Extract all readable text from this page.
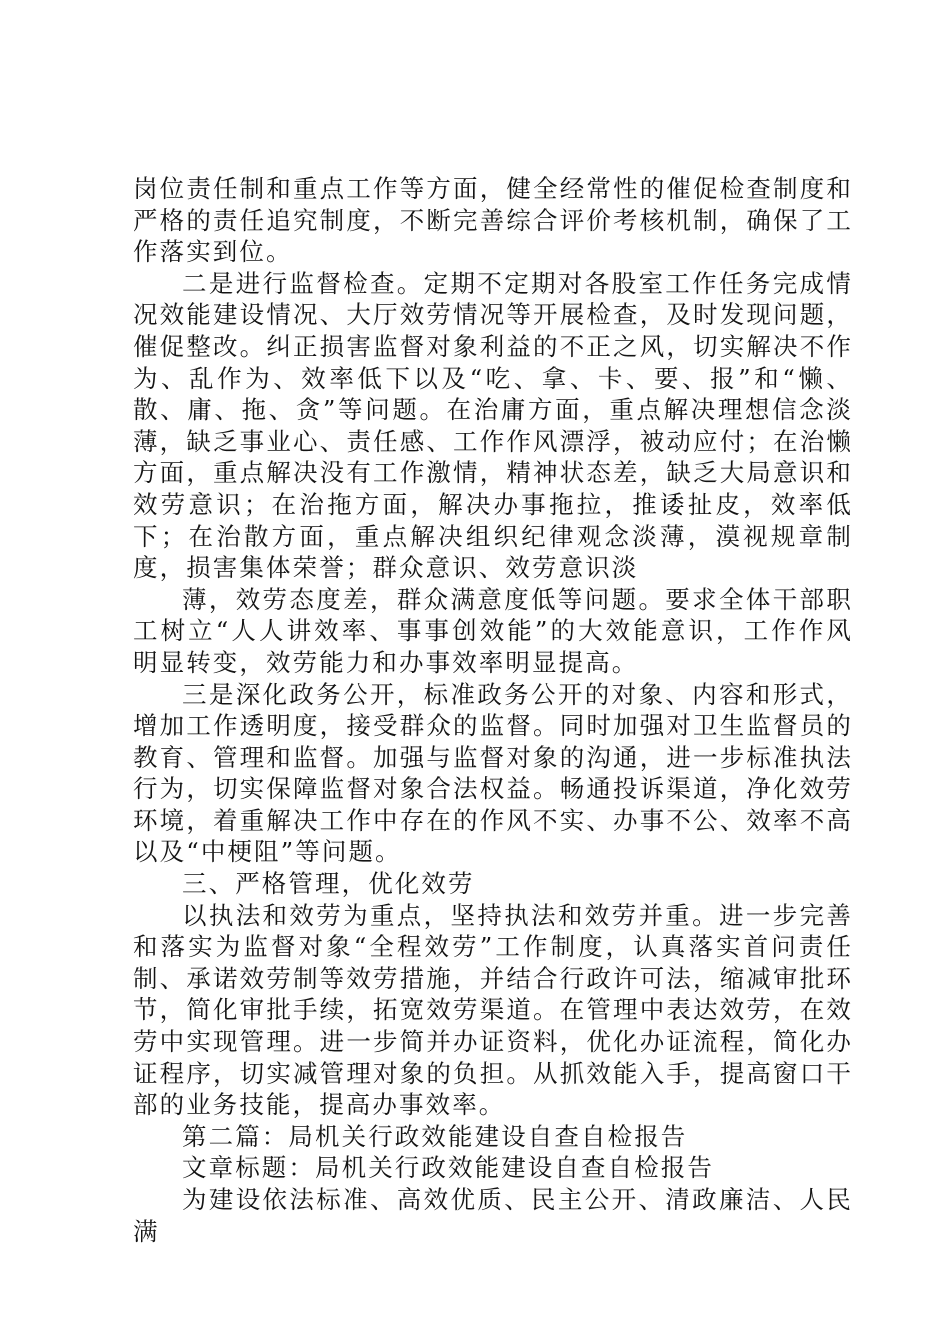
岗位责任制和重点工作等方面，健全经常性的催促检查制度和严格的责任追究制度，不断完善综合评价考核机制，确保了工作落实到位。

二是进行监督检查。定期不定期对各股室工作任务完成情况效能建设情况、大厅效劳情况等开展检查，及时发现问题，催促整改。纠正损害监督对象利益的不正之风，切实解决不作为、乱作为、效率低下以及“吃、拿、卡、要、报”和“懒、散、庸、拖、贪”等问题。在治庸方面，重点解决理想信念淡薄，缺乏事业心、责任感、工作作风漂浮，被动应付；在治懒方面，重点解决没有工作激情，精神状态差，缺乏大局意识和效劳意识；在治拖方面，解决办事拖拉，推诿扯皮，效率低下；在治散方面，重点解决组织纪律观念淡薄，漠视规章制度，损害集体荣誉；群众意识、效劳意识淡

薄，效劳态度差，群众满意度低等问题。要求全体干部职工树立“人人讲效率、事事创效能”的大效能意识，工作作风明显转变，效劳能力和办事效率明显提高。

三是深化政务公开，标准政务公开的对象、内容和形式，增加工作透明度，接受群众的监督。同时加强对卫生监督员的教育、管理和监督。加强与监督对象的沟通，进一步标准执法行为，切实保障监督对象合法权益。畅通投诉渠道，净化效劳环境，着重解决工作中存在的作风不实、办事不公、效率不高以及“中梗阻”等问题。

三、严格管理，优化效劳

以执法和效劳为重点，坚持执法和效劳并重。进一步完善和落实为监督对象“全程效劳”工作制度，认真落实首问责任制、承诺效劳制等效劳措施，并结合行政许可法，缩减审批环节，简化审批手续，拓宽效劳渠道。在管理中表达效劳，在效劳中实现管理。进一步简并办证资料，优化办证流程，简化办证程序，切实减管理对象的负担。从抓效能入手，提高窗口干部的业务技能，提高办事效率。

第二篇：局机关行政效能建设自查自检报告

文章标题：局机关行政效能建设自查自检报告

为建设依法标准、高效优质、民主公开、清政廉洁、人民满
